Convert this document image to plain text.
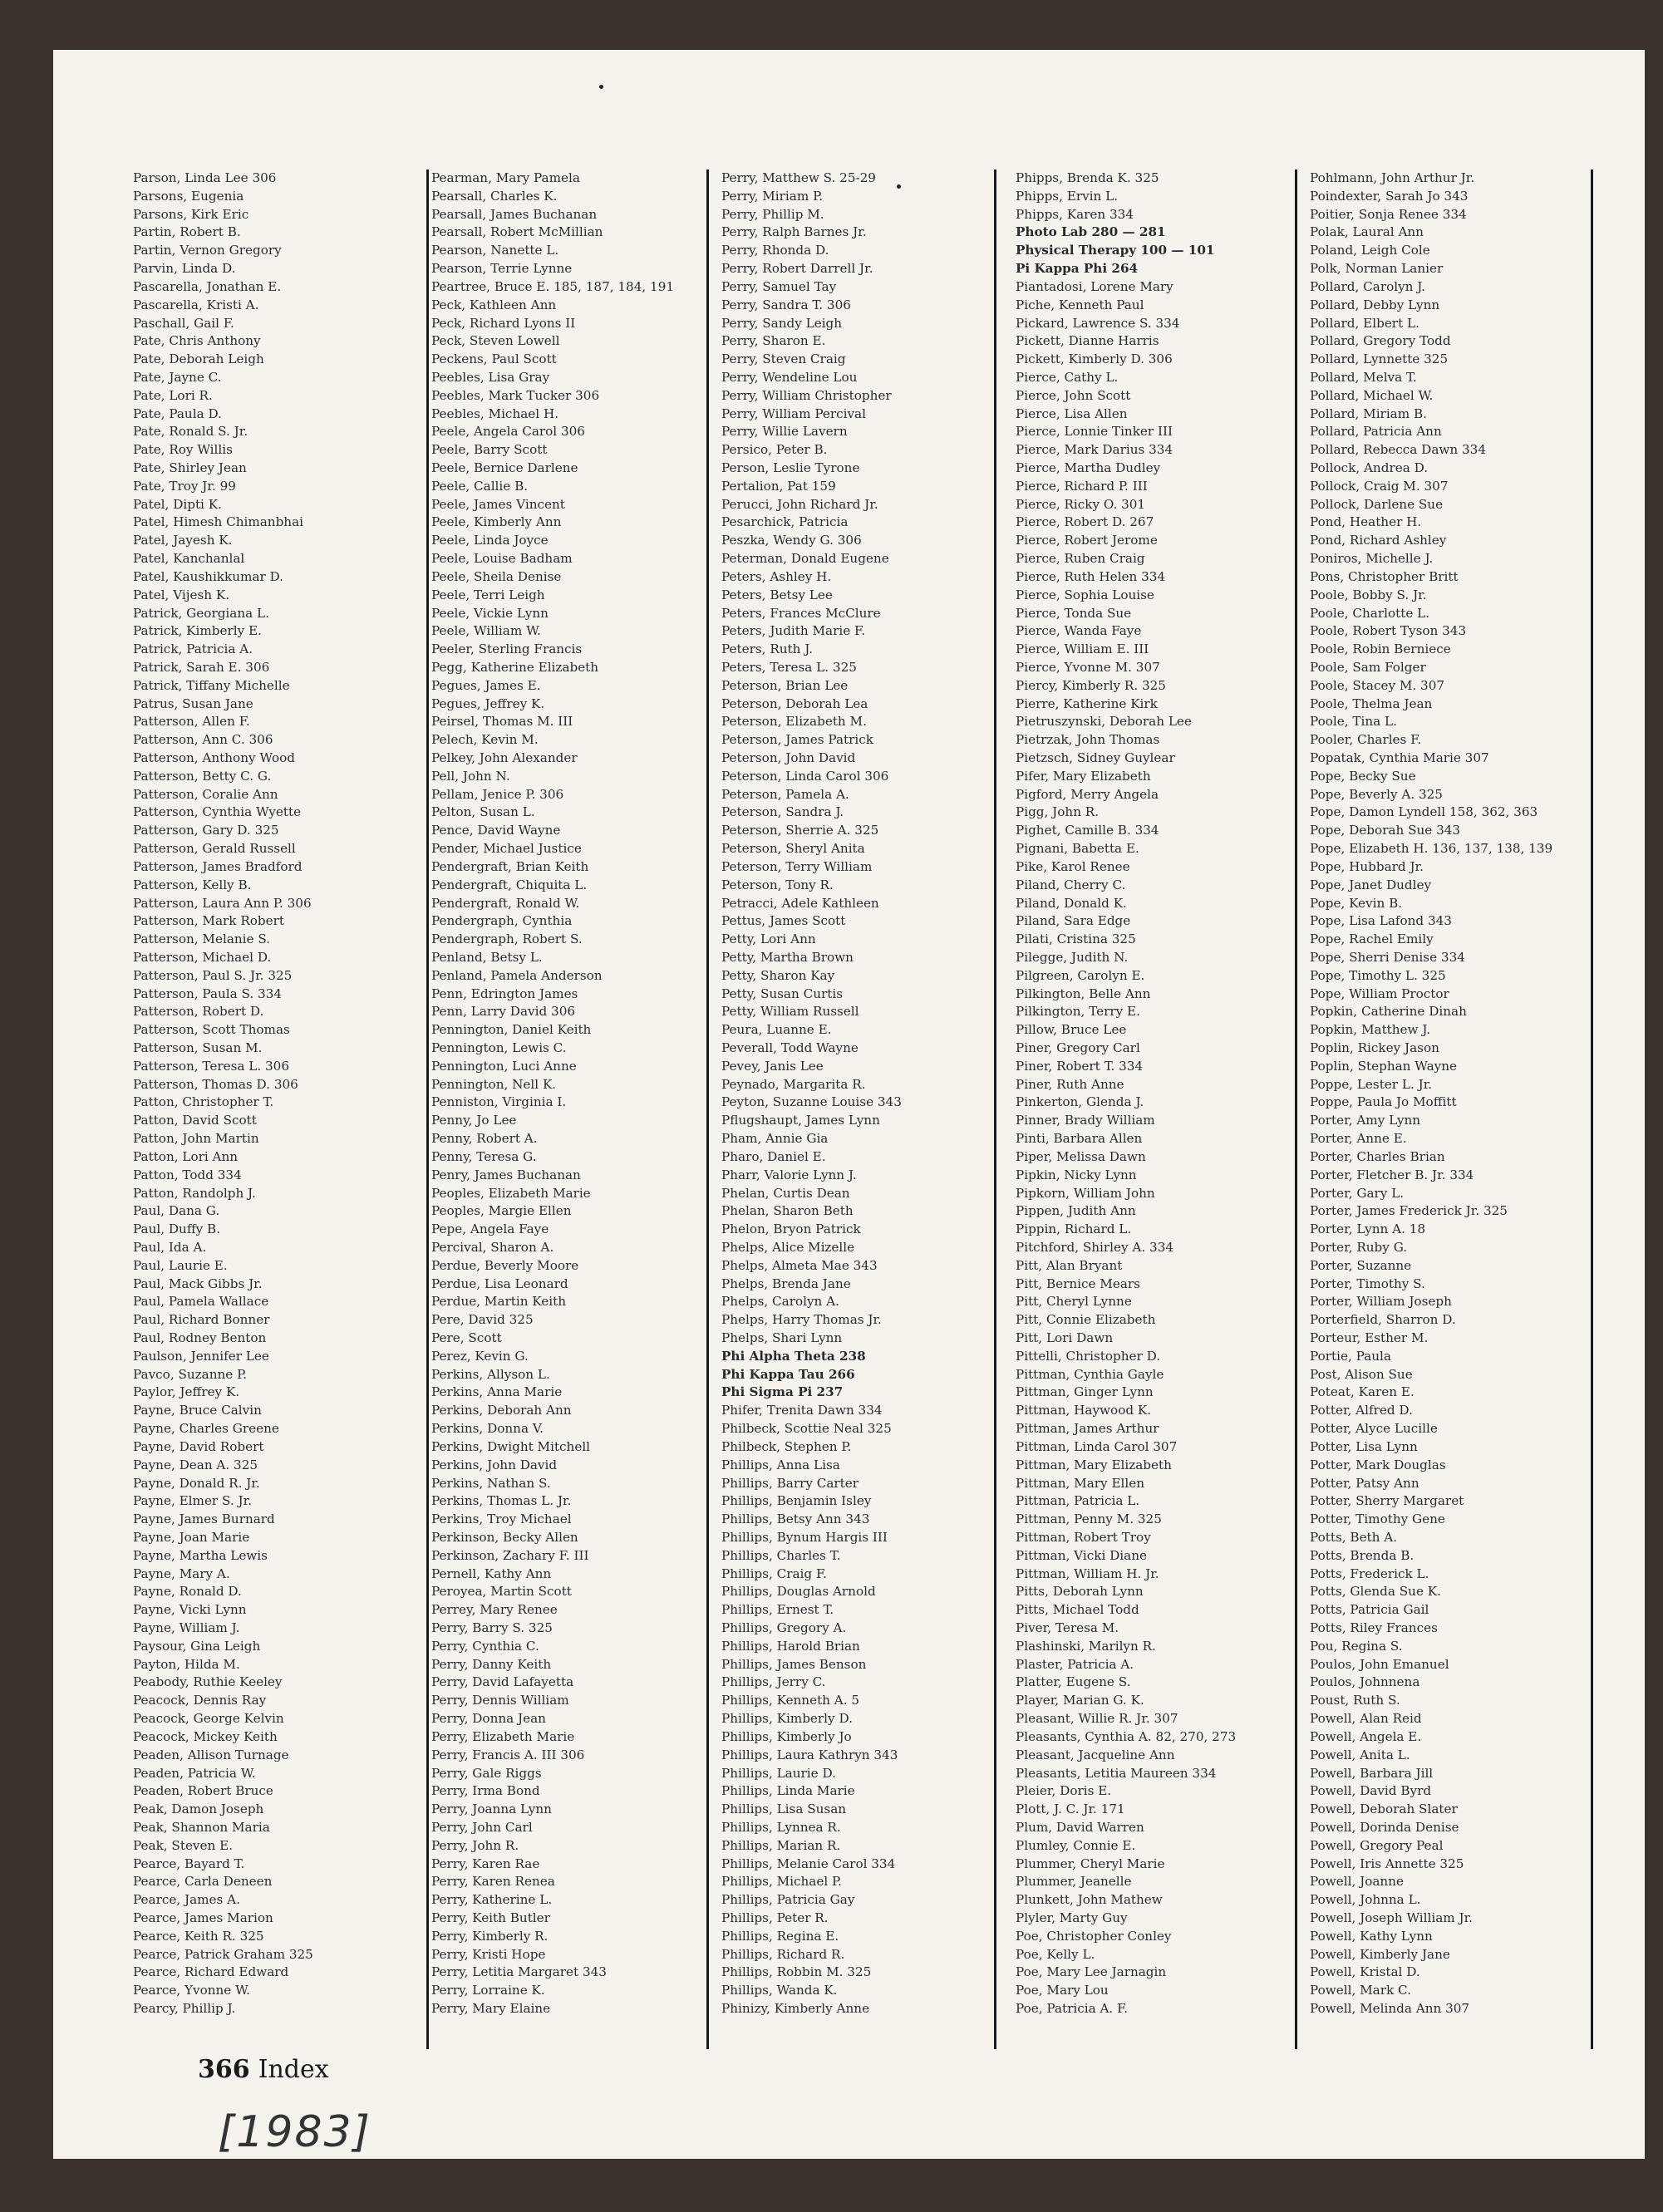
Parson, Linda Lee 306
Parsons, Eugenia
Parsons, Kirk Eric
Partin, Robert B.
Partin, Vernon Gregory
Parvin, Linda D.
Pascarella, Jonathan E.
Pascarella, Kristi A.
Paschall, Gail F.
Pate, Chris Anthony
Pate, Deborah Leigh
Pate, Jayne C.
Pate, Lori R.
Pate, Paula D.
Pate, Ronald S. Jr.
Pate, Roy Willis
Pate, Shirley Jean
Pate, Troy Jr. 99
Patel, Dipti K.
Patel, Himesh Chimanbhai
Patel, Jayesh K.
Patel, Kanchanlal
Patel, Kaushikkumar D.
Patel, Vijesh K.
Patrick, Georgiana L.
Patrick, Kimberly E.
Patrick, Patricia A.
Patrick, Sarah E. 306
Patrick, Tiffany Michelle
Patrus, Susan Jane
Patterson, Allen F.
Patterson, Ann C. 306
Patterson, Anthony Wood
Patterson, Betty C. G.
Patterson, Coralie Ann
Patterson, Cynthia Wyette
Patterson, Gary D. 325
Patterson, Gerald Russell
Patterson, James Bradford
Patterson, Kelly B.
Patterson, Laura Ann P. 306
Patterson, Mark Robert
Patterson, Melanie S.
Patterson, Michael D.
Patterson, Paul S. Jr. 325
Patterson, Paula S. 334
Patterson, Robert D.
Patterson, Scott Thomas
Patterson, Susan M.
Patterson, Teresa L. 306
Patterson, Thomas D. 306
Patton, Christopher T.
Patton, David Scott
Patton, John Martin
Patton, Lori Ann
Patton, Todd 334
Patton, Randolph J.
Paul, Dana G.
Paul, Duffy B.
Paul, Ida A.
Paul, Laurie E.
Paul, Mack Gibbs Jr.
Paul, Pamela Wallace
Paul, Richard Bonner
Paul, Rodney Benton
Paulson, Jennifer Lee
Pavco, Suzanne P.
Paylor, Jeffrey K.
Payne, Bruce Calvin
Payne, Charles Greene
Payne, David Robert
Payne, Dean A. 325
Payne, Donald R. Jr.
Payne, Elmer S. Jr.
Payne, James Burnard
Payne, Joan Marie
Payne, Martha Lewis
Payne, Mary A.
Payne, Ronald D.
Payne, Vicki Lynn
Payne, William J.
Paysour, Gina Leigh
Payton, Hilda M.
Peabody, Ruthie Keeley
Peacock, Dennis Ray
Peacock, George Kelvin
Peacock, Mickey Keith
Peaden, Allison Turnage
Peaden, Patricia W.
Peaden, Robert Bruce
Peak, Damon Joseph
Peak, Shannon Maria
Peak, Steven E.
Pearce, Bayard T.
Pearce, Carla Deneen
Pearce, James A.
Pearce, James Marion
Pearce, Keith R. 325
Pearce, Patrick Graham 325
Pearce, Richard Edward
Pearce, Yvonne W.
Pearcy, Phillip J.
Pearman, Mary Pamela
Pearsall, Charles K.
Pearsall, James Buchanan
Pearsall, Robert McMillian
Pearson, Nanette L.
Pearson, Terrie Lynne
Peartree, Bruce E. 185, 187, 184, 191
Peck, Kathleen Ann
Peck, Richard Lyons II
Peck, Steven Lowell
Peckens, Paul Scott
Peebles, Lisa Gray
Peebles, Mark Tucker 306
Peebles, Michael H.
Peele, Angela Carol 306
Peele, Barry Scott
Peele, Bernice Darlene
Peele, Callie B.
Peele, James Vincent
Peele, Kimberly Ann
Peele, Linda Joyce
Peele, Louise Badham
Peele, Sheila Denise
Peele, Terri Leigh
Peele, Vickie Lynn
Peele, William W.
Peeler, Sterling Francis
Pegg, Katherine Elizabeth
Pegues, James E.
Pegues, Jeffrey K.
Peirsel, Thomas M. III
Pelech, Kevin M.
Pelkey, John Alexander
Pell, John N.
Pellam, Jenice P. 306
Pelton, Susan L.
Pence, David Wayne
Pender, Michael Justice
Pendergraft, Brian Keith
Pendergraft, Chiquita L.
Pendergraft, Ronald W.
Pendergraph, Cynthia
Pendergraph, Robert S.
Penland, Betsy L.
Penland, Pamela Anderson
Penn, Edrington James
Penn, Larry David 306
Pennington, Daniel Keith
Pennington, Lewis C.
Pennington, Luci Anne
Pennington, Nell K.
Penniston, Virginia I.
Penny, Jo Lee
Penny, Robert A.
Penny, Teresa G.
Penry, James Buchanan
Peoples, Elizabeth Marie
Peoples, Margie Ellen
Pepe, Angela Faye
Percival, Sharon A.
Perdue, Beverly Moore
Perdue, Lisa Leonard
Perdue, Martin Keith
Pere, David 325
Pere, Scott
Perez, Kevin G.
Perkins, Allyson L.
Perkins, Anna Marie
Perkins, Deborah Ann
Perkins, Donna V.
Perkins, Dwight Mitchell
Perkins, John David
Perkins, Nathan S.
Perkins, Thomas L. Jr.
Perkins, Troy Michael
Perkinson, Becky Allen
Perkinson, Zachary F. III
Pernell, Kathy Ann
Peroyea, Martin Scott
Perrey, Mary Renee
Perry, Barry S. 325
Perry, Cynthia C.
Perry, Danny Keith
Perry, David Lafayetta
Perry, Dennis William
Perry, Donna Jean
Perry, Elizabeth Marie
Perry, Francis A. III 306
Perry, Gale Riggs
Perry, Irma Bond
Perry, Joanna Lynn
Perry, John Carl
Perry, John R.
Perry, Karen Rae
Perry, Karen Renea
Perry, Katherine L.
Perry, Keith Butler
Perry, Kimberly R.
Perry, Kristi Hope
Perry, Letitia Margaret 343
Perry, Lorraine K.
Perry, Mary Elaine
Perry, Matthew S. 25-29
Perry, Miriam P.
Perry, Phillip M.
Perry, Ralph Barnes Jr.
Perry, Rhonda D.
Perry, Robert Darrell Jr.
Perry, Samuel Tay
Perry, Sandra T. 306
Perry, Sandy Leigh
Perry, Sharon E.
Perry, Steven Craig
Perry, Wendeline Lou
Perry, William Christopher
Perry, William Percival
Perry, Willie Lavern
Persico, Peter B.
Person, Leslie Tyrone
Pertalion, Pat 159
Perucci, John Richard Jr.
Pesarchick, Patricia
Peszka, Wendy G. 306
Peterman, Donald Eugene
Peters, Ashley H.
Peters, Betsy Lee
Peters, Frances McClure
Peters, Judith Marie F.
Peters, Ruth J.
Peters, Teresa L. 325
Peterson, Brian Lee
Peterson, Deborah Lea
Peterson, Elizabeth M.
Peterson, James Patrick
Peterson, John David
Peterson, Linda Carol 306
Peterson, Pamela A.
Peterson, Sandra J.
Peterson, Sherrie A. 325
Peterson, Sheryl Anita
Peterson, Terry William
Peterson, Tony R.
Petracci, Adele Kathleen
Pettus, James Scott
Petty, Lori Ann
Petty, Martha Brown
Petty, Sharon Kay
Petty, Susan Curtis
Petty, William Russell
Peura, Luanne E.
Peverall, Todd Wayne
Pevey, Janis Lee
Peynado, Margarita R.
Peyton, Suzanne Louise 343
Pflugshaupt, James Lynn
Pham, Annie Gia
Pharo, Daniel E.
Pharr, Valorie Lynn J.
Phelan, Curtis Dean
Phelan, Sharon Beth
Phelon, Bryon Patrick
Phelps, Alice Mizelle
Phelps, Almeta Mae 343
Phelps, Brenda Jane
Phelps, Carolyn A.
Phelps, Harry Thomas Jr.
Phelps, Shari Lynn
Phi Alpha Theta 238
Phi Kappa Tau 266
Phi Sigma Pi 237
Phifer, Trenita Dawn 334
Philbeck, Scottie Neal 325
Philbeck, Stephen P.
Phillips, Anna Lisa
Phillips, Barry Carter
Phillips, Benjamin Isley
Phillips, Betsy Ann 343
Phillips, Bynum Hargis III
Phillips, Charles T.
Phillips, Craig F.
Phillips, Douglas Arnold
Phillips, Ernest T.
Phillips, Gregory A.
Phillips, Harold Brian
Phillips, James Benson
Phillips, Jerry C.
Phillips, Kenneth A. 5
Phillips, Kimberly D.
Phillips, Kimberly Jo
Phillips, Laura Kathryn 343
Phillips, Laurie D.
Phillips, Linda Marie
Phillips, Lisa Susan
Phillips, Lynnea R.
Phillips, Marian R.
Phillips, Melanie Carol 334
Phillips, Michael P.
Phillips, Patricia Gay
Phillips, Peter R.
Phillips, Regina E.
Phillips, Richard R.
Phillips, Robbin M. 325
Phillips, Wanda K.
Phinizy, Kimberly Anne
Phipps, Brenda K. 325
Phipps, Ervin L.
Phipps, Karen 334
Photo Lab 280 — 281
Physical Therapy 100 — 101
Pi Kappa Phi 264
Piantadosi, Lorene Mary
Piche, Kenneth Paul
Pickard, Lawrence S. 334
Pickett, Dianne Harris
Pickett, Kimberly D. 306
Pierce, Cathy L.
Pierce, John Scott
Pierce, Lisa Allen
Pierce, Lonnie Tinker III
Pierce, Mark Darius 334
Pierce, Martha Dudley
Pierce, Richard P. III
Pierce, Ricky O. 301
Pierce, Robert D. 267
Pierce, Robert Jerome
Pierce, Ruben Craig
Pierce, Ruth Helen 334
Pierce, Sophia Louise
Pierce, Tonda Sue
Pierce, Wanda Faye
Pierce, William E. III
Pierce, Yvonne M. 307
Piercy, Kimberly R. 325
Pierre, Katherine Kirk
Pietruszynski, Deborah Lee
Pietrzak, John Thomas
Pietzsch, Sidney Guylear
Pifer, Mary Elizabeth
Pigford, Merry Angela
Pigg, John R.
Pighet, Camille B. 334
Pignani, Babetta E.
Pike, Karol Renee
Piland, Cherry C.
Piland, Donald K.
Piland, Sara Edge
Pilati, Cristina 325
Pilegge, Judith N.
Pilgreen, Carolyn E.
Pilkington, Belle Ann
Pilkington, Terry E.
Pillow, Bruce Lee
Piner, Gregory Carl
Piner, Robert T. 334
Piner, Ruth Anne
Pinkerton, Glenda J.
Pinner, Brady William
Pinti, Barbara Allen
Piper, Melissa Dawn
Pipkin, Nicky Lynn
Pipkorn, William John
Pippen, Judith Ann
Pippin, Richard L.
Pitchford, Shirley A. 334
Pitt, Alan Bryant
Pitt, Bernice Mears
Pitt, Cheryl Lynne
Pitt, Connie Elizabeth
Pitt, Lori Dawn
Pittelli, Christopher D.
Pittman, Cynthia Gayle
Pittman, Ginger Lynn
Pittman, Haywood K.
Pittman, James Arthur
Pittman, Linda Carol 307
Pittman, Mary Elizabeth
Pittman, Mary Ellen
Pittman, Patricia L.
Pittman, Penny M. 325
Pittman, Robert Troy
Pittman, Vicki Diane
Pittman, William H. Jr.
Pitts, Deborah Lynn
Pitts, Michael Todd
Piver, Teresa M.
Plashinski, Marilyn R.
Plaster, Patricia A.
Platter, Eugene S.
Player, Marian G. K.
Pleasant, Willie R. Jr. 307
Pleasants, Cynthia A. 82, 270, 273
Pleasant, Jacqueline Ann
Pleasants, Letitia Maureen 334
Pleier, Doris E.
Plott, J. C. Jr. 171
Plum, David Warren
Plumley, Connie E.
Plummer, Cheryl Marie
Plummer, Jeanelle
Plunkett, John Mathew
Plyler, Marty Guy
Poe, Christopher Conley
Poe, Kelly L.
Poe, Mary Lee Jarnagin
Poe, Mary Lou
Poe, Patricia A. F.
Pohlmann, John Arthur Jr.
Poindexter, Sarah Jo 343
Poitier, Sonja Renee 334
Polak, Laural Ann
Poland, Leigh Cole
Polk, Norman Lanier
Pollard, Carolyn J.
Pollard, Debby Lynn
Pollard, Elbert L.
Pollard, Gregory Todd
Pollard, Lynnette 325
Pollard, Melva T.
Pollard, Michael W.
Pollard, Miriam B.
Pollard, Patricia Ann
Pollard, Rebecca Dawn 334
Pollock, Andrea D.
Pollock, Craig M. 307
Pollock, Darlene Sue
Pond, Heather H.
Pond, Richard Ashley
Poniros, Michelle J.
Pons, Christopher Britt
Poole, Bobby S. Jr.
Poole, Charlotte L.
Poole, Robert Tyson 343
Poole, Robin Berniece
Poole, Sam Folger
Poole, Stacey M. 307
Poole, Thelma Jean
Poole, Tina L.
Pooler, Charles F.
Popatak, Cynthia Marie 307
Pope, Becky Sue
Pope, Beverly A. 325
Pope, Damon Lyndell 158, 362, 363
Pope, Deborah Sue 343
Pope, Elizabeth H. 136, 137, 138, 139
Pope, Hubbard Jr.
Pope, Janet Dudley
Pope, Kevin B.
Pope, Lisa Lafond 343
Pope, Rachel Emily
Pope, Sherri Denise 334
Pope, Timothy L. 325
Pope, William Proctor
Popkin, Catherine Dinah
Popkin, Matthew J.
Poplin, Rickey Jason
Poplin, Stephan Wayne
Poppe, Lester L. Jr.
Poppe, Paula Jo Moffitt
Porter, Amy Lynn
Porter, Anne E.
Porter, Charles Brian
Porter, Fletcher B. Jr. 334
Porter, Gary L.
Porter, James Frederick Jr. 325
Porter, Lynn A. 18
Porter, Ruby G.
Porter, Suzanne
Porter, Timothy S.
Porter, William Joseph
Porterfield, Sharron D.
Porteur, Esther M.
Portie, Paula
Post, Alison Sue
Poteat, Karen E.
Potter, Alfred D.
Potter, Alyce Lucille
Potter, Lisa Lynn
Potter, Mark Douglas
Potter, Patsy Ann
Potter, Sherry Margaret
Potter, Timothy Gene
Potts, Beth A.
Potts, Brenda B.
Potts, Frederick L.
Potts, Glenda Sue K.
Potts, Patricia Gail
Potts, Riley Frances
Pou, Regina S.
Poulos, John Emanuel
Poulos, Johnnena
Poust, Ruth S.
Powell, Alan Reid
Powell, Angela E.
Powell, Anita L.
Powell, Barbara Jill
Powell, David Byrd
Powell, Deborah Slater
Powell, Dorinda Denise
Powell, Gregory Peal
Powell, Iris Annette 325
Powell, Joanne
Powell, Johnna L.
Powell, Joseph William Jr.
Powell, Kathy Lynn
Powell, Kimberly Jane
Powell, Kristal D.
Powell, Mark C.
Powell, Melinda Ann 307
366 Index
[1983]
